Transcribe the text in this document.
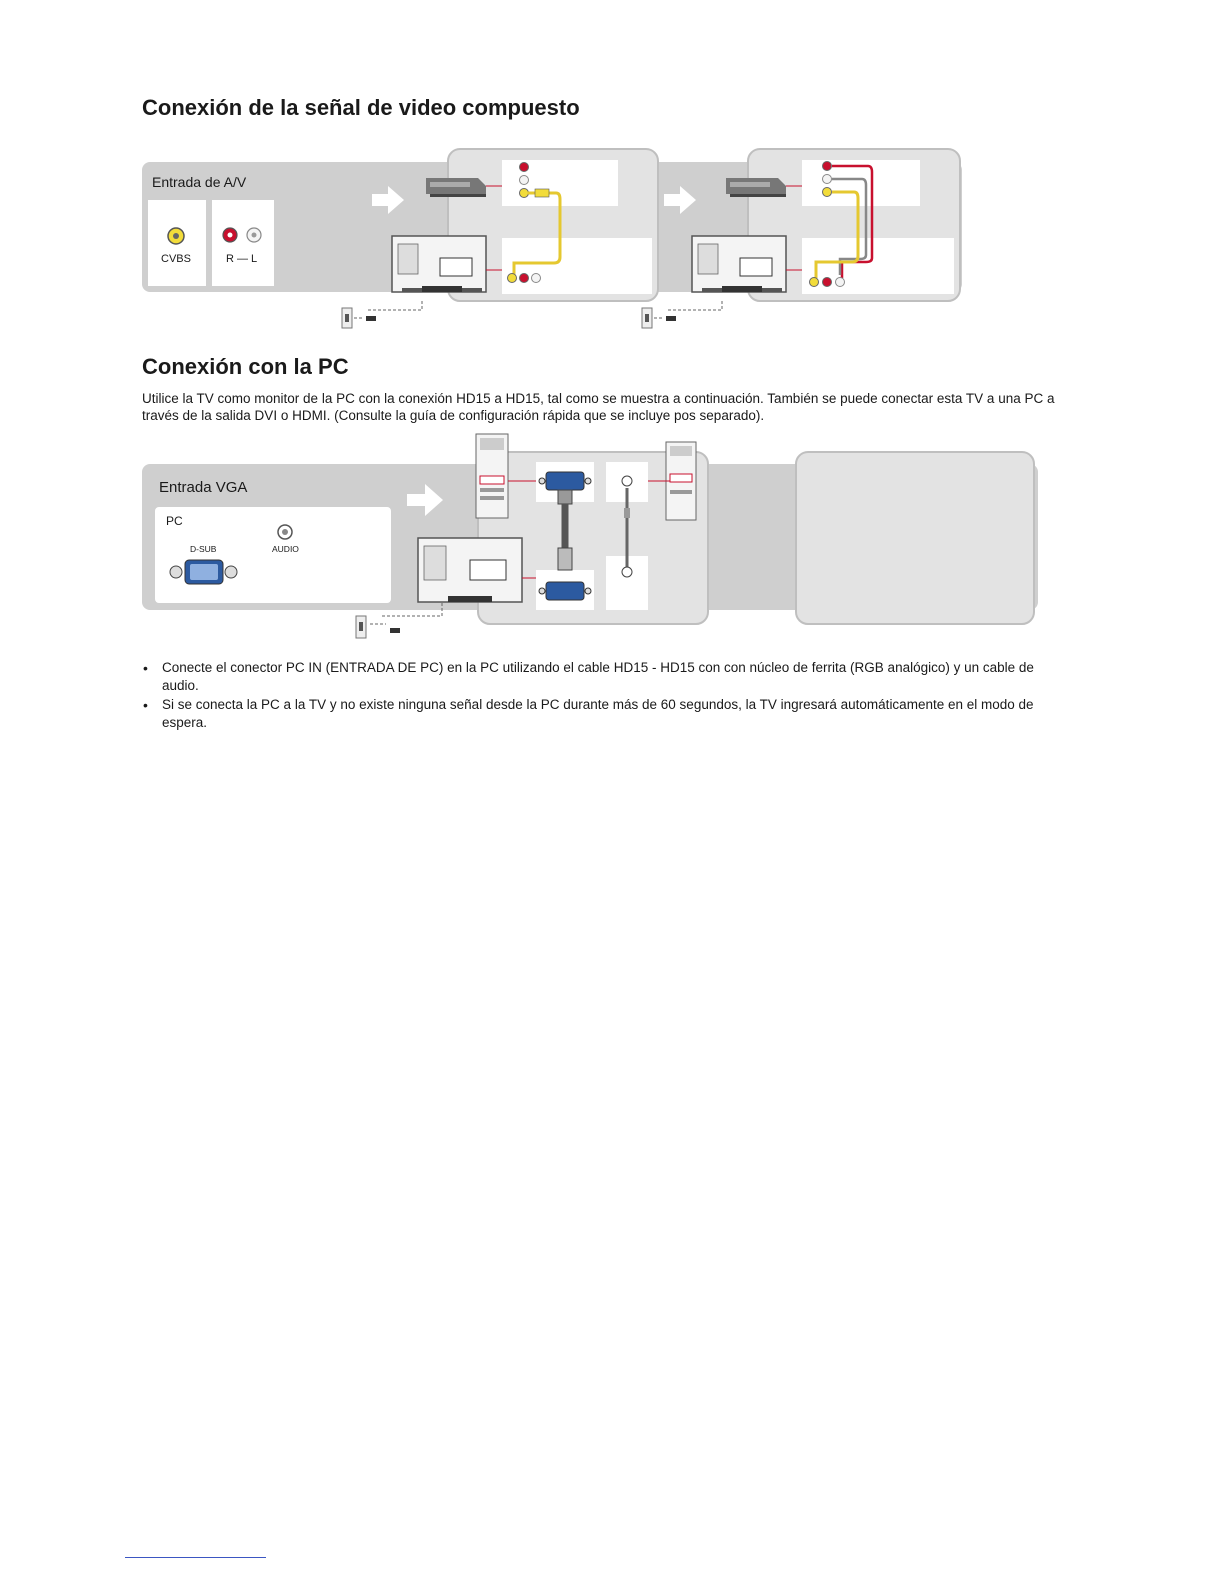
Conexión de la señal de video compuesto
Entrada de A/V
CVBS	R — L
Conexión con la PC

Utilice la TV como monitor de la PC con la conexión HD15 a HD15, tal como se muestra a continuación. También se puede conectar esta TV a una PC a través de la salida DVI o HDMI. (Consulte la guía de configuración rápida que se incluye pos separado).

Entrada VGA
PC
D-SUB	AUDIO
• Conecte el conector PC IN (ENTRADA DE PC) en la PC utilizando el cable HD15 - HD15 con con núcleo de ferrita (RGB analógico) y un cable de audio.
• Si se conecta la PC a la TV y no existe ninguna señal desde la PC durante más de 60 segundos, la TV ingresará automáticamente en el modo de espera.
